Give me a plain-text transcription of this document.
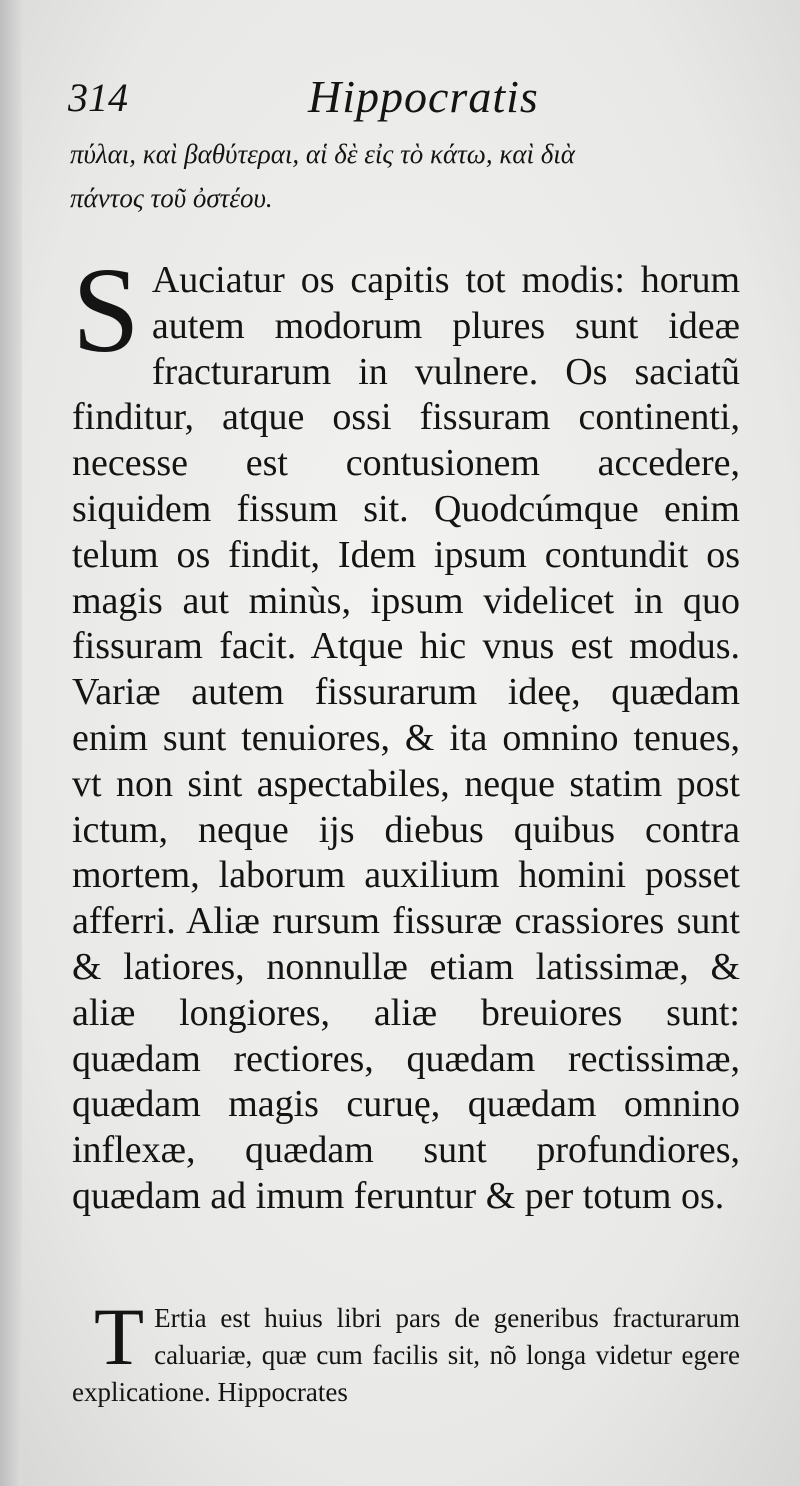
314	Hippocratis
πύλαι, καὶ βαθύτεραι, αἱ δὲ εἰς τὸ κάτω, καὶ διὰ
πάντος τοῦ ὀστέου.
S Auciatur os capitis tot modis: horum autem modorum plures sunt ideæ fracturarum in vulnere. Os saciatũ finditur, atque ossi fissuram continenti, necesse est contusionem accedere, siquidem fissum sit. Quodcúmque enim telum os findit, Idem ipsum contundit os magis aut minùs, ipsum videlicet in quo fissuram facit. Atque hic vnus est modus. Variæ autem fissurarum ideę, quædam enim sunt tenuiores, & ita omnino tenues, vt non sint aspectabiles, neque statim post ictum, neque ijs diebus quibus contra mortem, laborum auxilium homini posset afferri. Aliæ rursum fissuræ crassiores sunt & latiores, nonnullæ etiam latissimæ, & aliæ longiores, aliæ breuiores sunt: quædam rectiores, quædam rectissimæ, quædam magis curuę, quædam omnino inflexæ, quædam sunt profundiores, quædam ad imum feruntur & per totum os.
T Ertia est huius libri pars de generibus fracturarum caluariæ, quæ cum facilis sit, nõ longa videtur egere explicatione. Hippocrates
